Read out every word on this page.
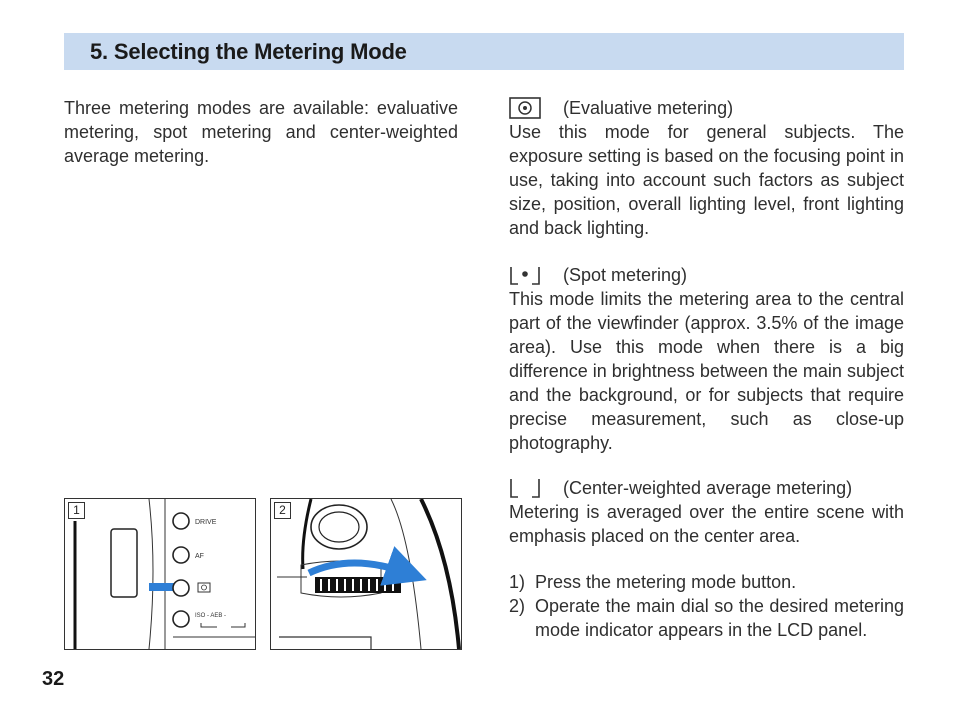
5. Selecting the Metering Mode

Three metering modes are available: evaluative metering, spot metering and center-weighted average metering.

(Evaluative metering)

Use this mode for general subjects. The exposure setting is based on the focusing point in use, taking into account such factors as subject size, position, overall lighting level, front lighting and back lighting.

(Spot metering)

This mode limits the metering area to the central part of the viewfinder (approx. 3.5% of the image area). Use this mode when there is a big difference in brightness between the main subject and the background, or for subjects that require precise measurement, such as close-up photography.

(Center-weighted average metering)

Metering is averaged over the entire scene with emphasis placed on the center area.

1) Press the metering mode button.
2) Operate the main dial so the desired metering mode indicator appears in the LCD panel.
DRIVE
AF
ISO - AEB -
1	2
32
